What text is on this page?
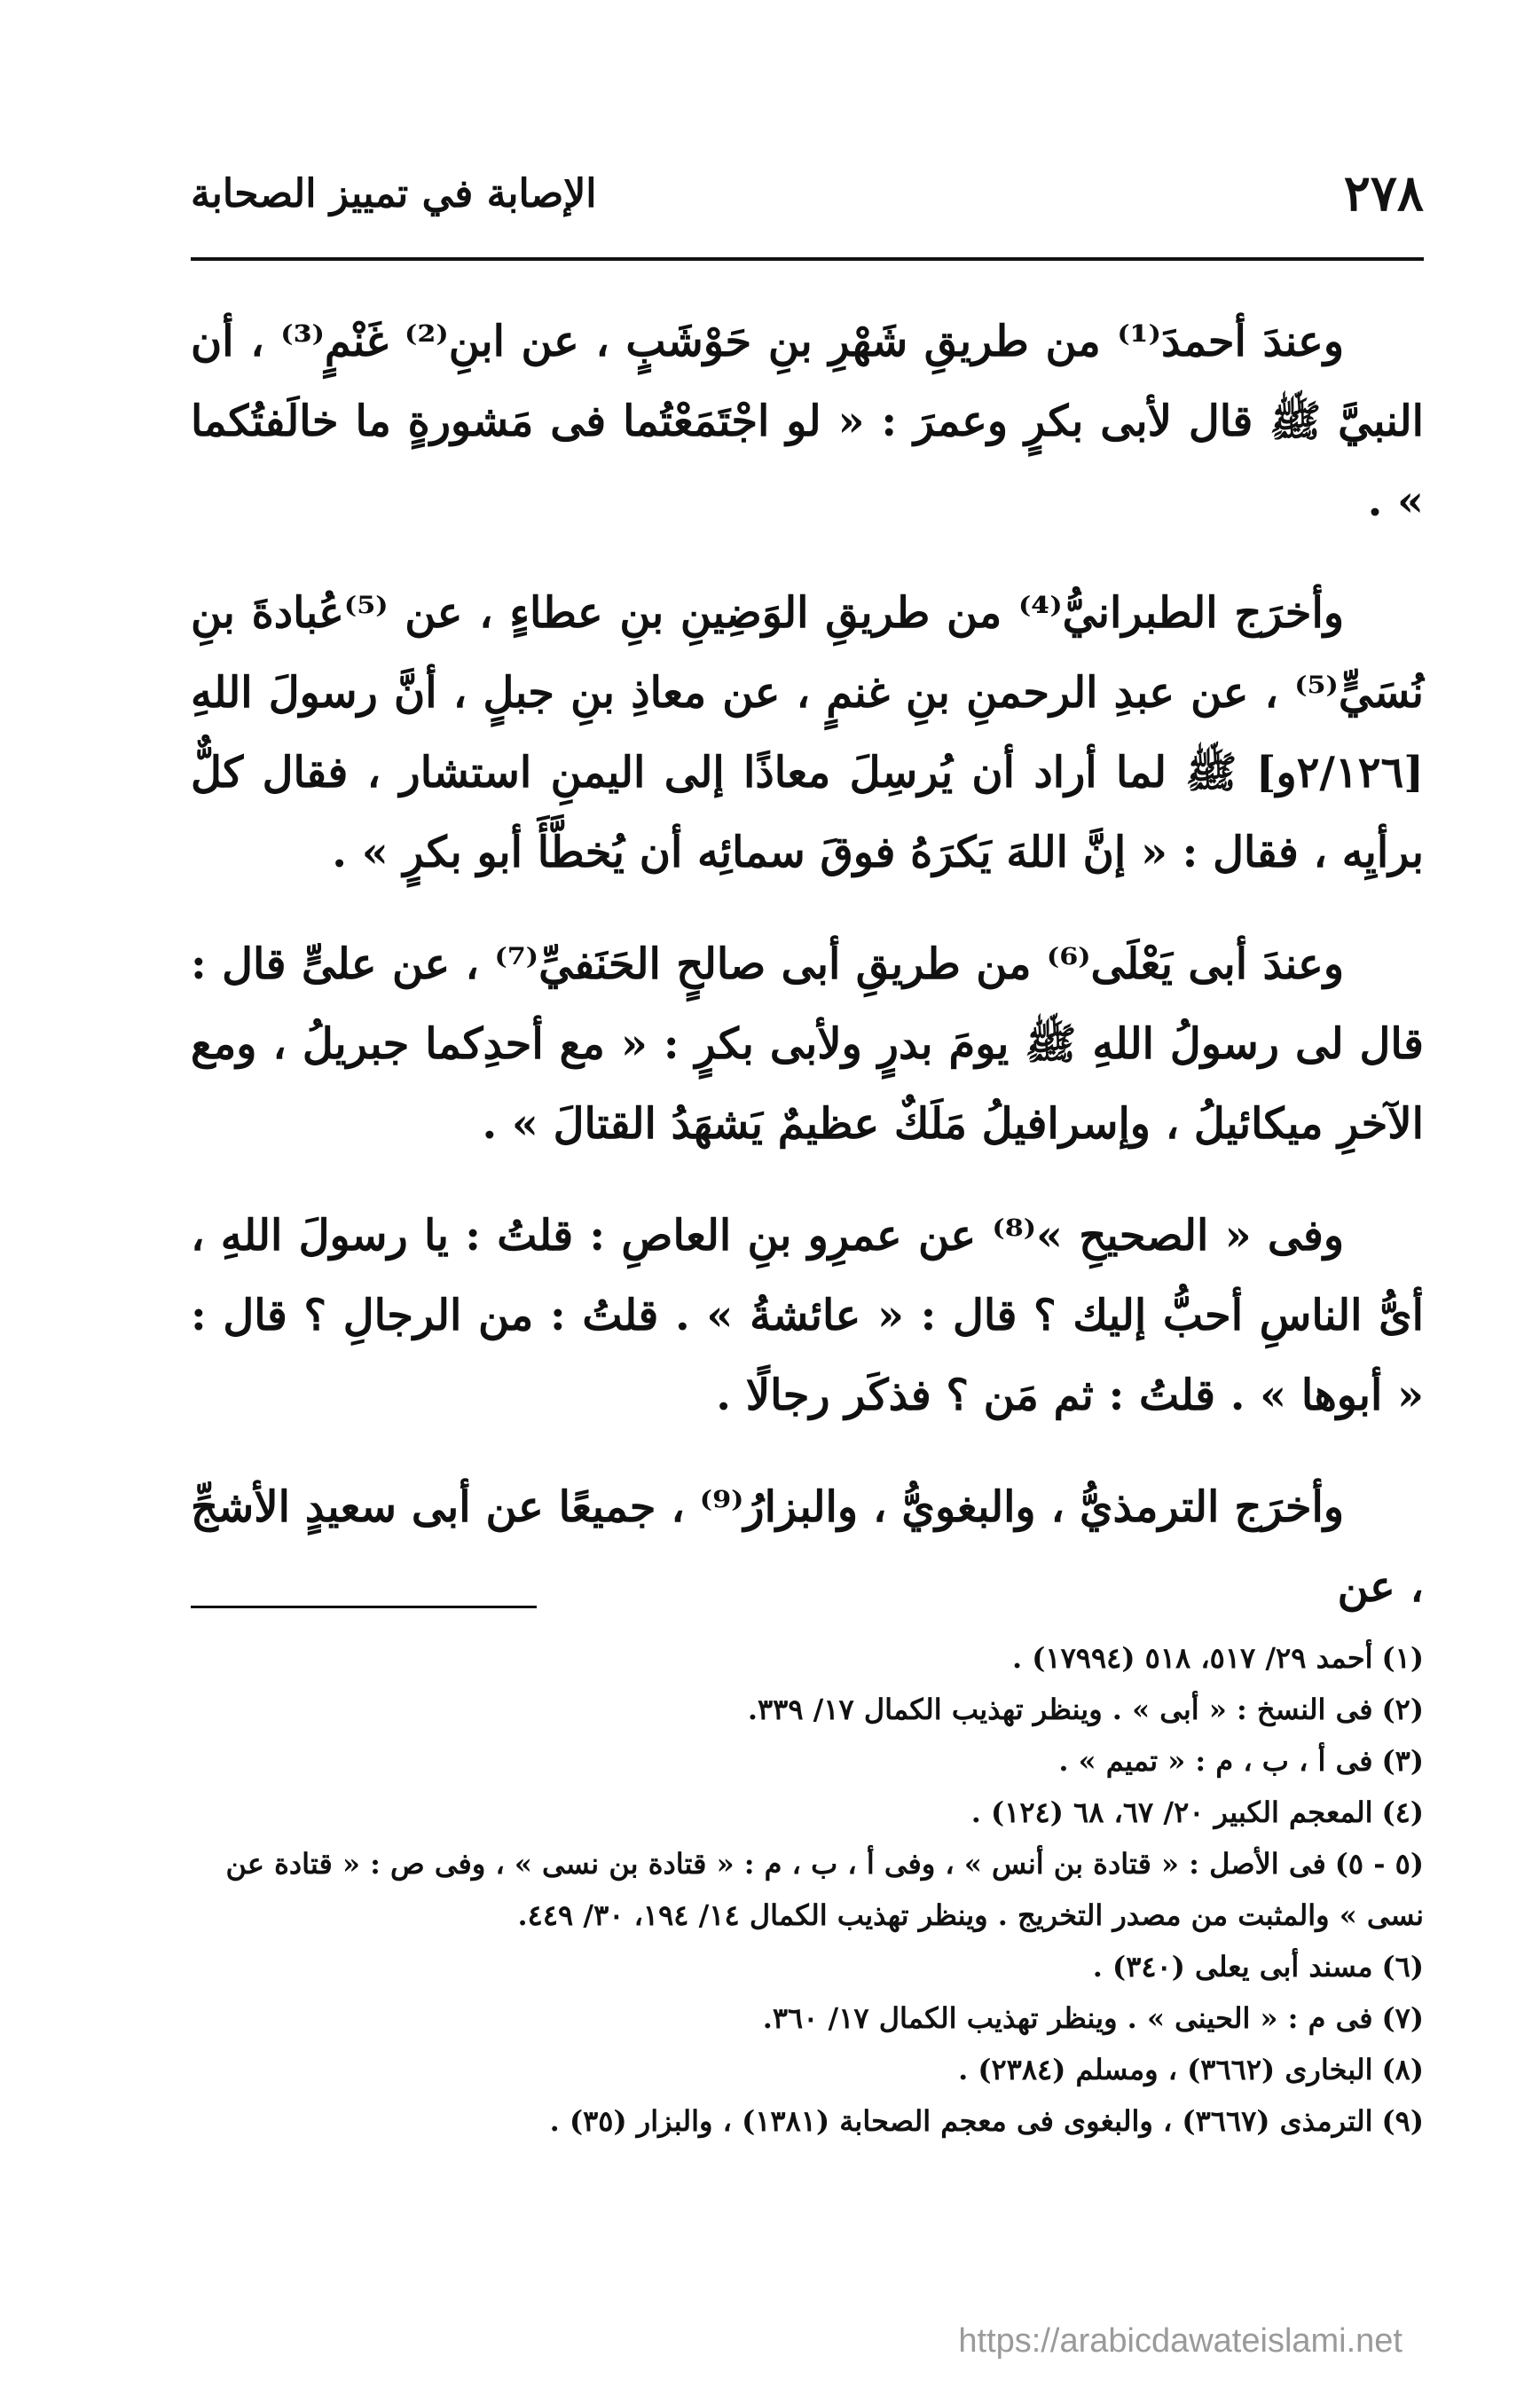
٢٧٨
الإصابة في تمييز الصحابة

وعندَ أحمدَ⁽¹⁾ من طريقِ شَهْرِ بنِ حَوْشَبٍ ، عن ابنِ⁽²⁾ غَنْمٍ⁽³⁾ ، أن النبيَّ ﷺ قال لأبى بكرٍ وعمرَ : « لو اجْتَمَعْتُما فى مَشورةٍ ما خالَفتُكما » .

وأخرَج الطبرانيُّ⁽⁴⁾ من طريقِ الوَضِينِ بنِ عطاءٍ ، عن ⁽⁵⁾عُبادةَ بنِ نُسَيٍّ⁽⁵⁾ ، عن عبدِ الرحمنِ بنِ غنمٍ ، عن معاذِ بنِ جبلٍ ، أنَّ رسولَ اللهِ [٢/١٢٦و] ﷺ لما أراد أن يُرسِلَ معاذًا إلى اليمنِ استشار ، فقال كلٌّ برأيِه ، فقال : « إنَّ اللهَ يَكرَهُ فوقَ سمائِه أن يُخطَّأَ أبو بكرٍ » .

وعندَ أبى يَعْلَى⁽⁶⁾ من طريقِ أبى صالحٍ الحَنَفيِّ⁽⁷⁾ ، عن علىٍّ قال : قال لى رسولُ اللهِ ﷺ يومَ بدرٍ ولأبى بكرٍ : « مع أحدِكما جبريلُ ، ومع الآخرِ ميكائيلُ ، وإسرافيلُ مَلَكٌ عظيمٌ يَشهَدُ القتالَ » .

وفى « الصحيحِ »⁽⁸⁾ عن عمرِو بنِ العاصِ : قلتُ : يا رسولَ اللهِ ، أىُّ الناسِ أحبُّ إليك ؟ قال : « عائشةُ » . قلتُ : من الرجالِ ؟ قال : « أبوها » . قلتُ : ثم مَن ؟ فذكَر رجالًا .

وأخرَج الترمذيُّ ، والبغويُّ ، والبزارُ⁽⁹⁾ ، جميعًا عن أبى سعيدٍ الأشجِّ ، عن

(١)أحمد ٢٩/ ٥١٧، ٥١٨ (١٧٩٩٤) .

(٢)فى النسخ : « أبى » . وينظر تهذيب الكمال ١٧/ ٣٣٩.

(٣)فى أ ، ب ، م : « تميم » .

(٤)المعجم الكبير ٢٠/ ٦٧، ٦٨ (١٢٤) .

(٥ - ٥)فى الأصل : « قتادة بن أنس » ، وفى أ ، ب ، م : « قتادة بن نسى » ، وفى ص : « قتادة عن نسى » والمثبت من مصدر التخريج . وينظر تهذيب الكمال ١٤/ ١٩٤، ٣٠/ ٤٤٩.

(٦)مسند أبى يعلى (٣٤٠) .

(٧)فى م : « الحينى » . وينظر تهذيب الكمال ١٧/ ٣٦٠.

(٨)البخارى (٣٦٦٢) ، ومسلم (٢٣٨٤) .

(٩)الترمذى (٣٦٦٧) ، والبغوى فى معجم الصحابة (١٣٨١) ، والبزار (٣٥) .

https://arabicdawateislami.net
